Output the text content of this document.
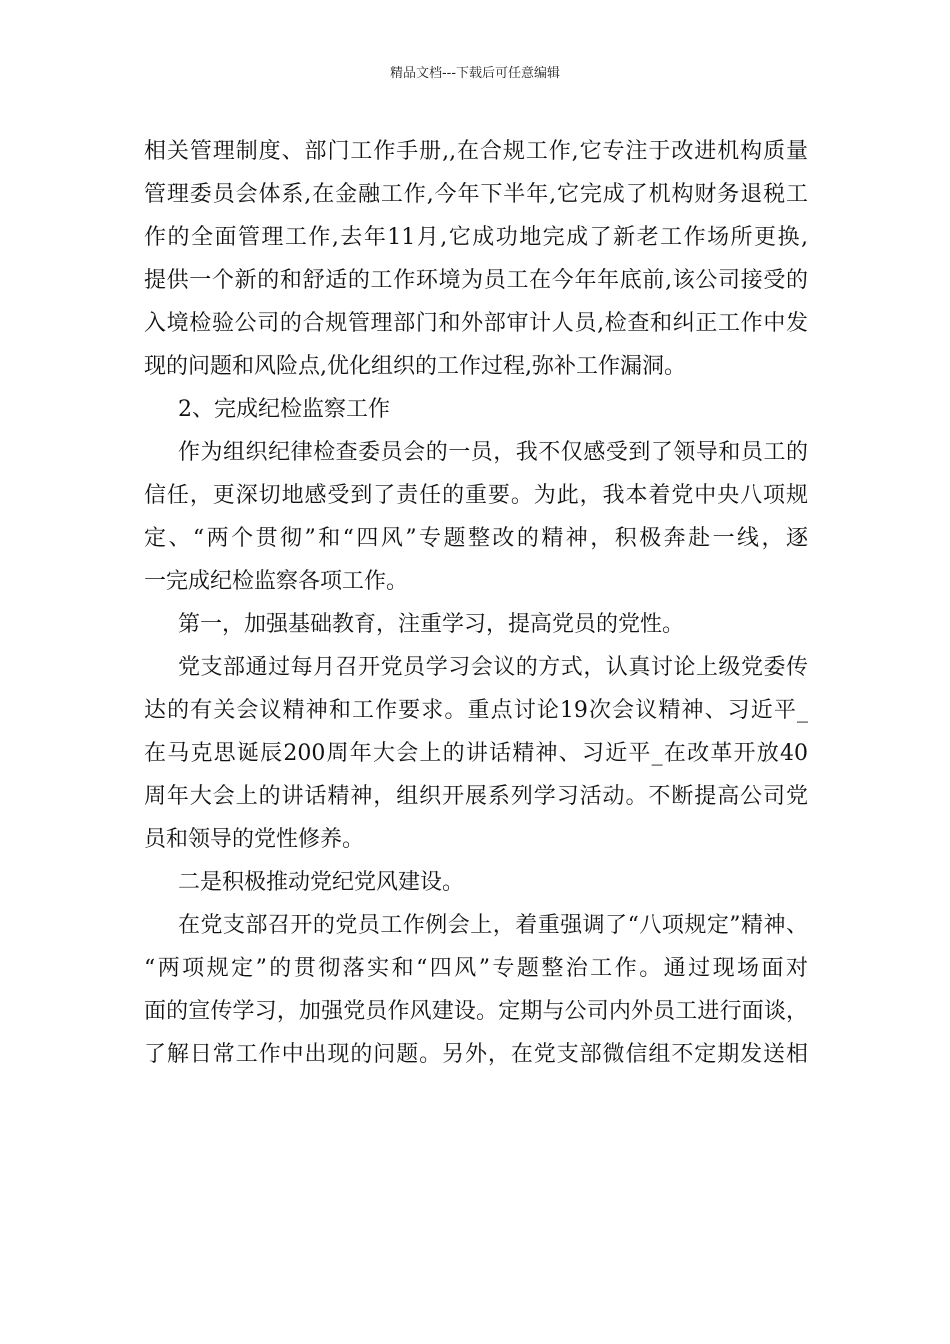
精品文档---下载后可任意编辑
相关管理制度、部门工作手册,,在合规工作,它专注于改进机构质量
管理委员会体系,在金融工作,今年下半年,它完成了机构财务退税工
作的全面管理工作,去年11月,它成功地完成了新老工作场所更换,
提供一个新的和舒适的工作环境为员工在今年年底前,该公司接受的
入境检验公司的合规管理部门和外部审计人员,检查和纠正工作中发
现的问题和风险点,优化组织的工作过程,弥补工作漏洞。
2、完成纪检监察工作
作为组织纪律检查委员会的一员，我不仅感受到了领导和员工的
信任，更深切地感受到了责任的重要。为此，我本着党中央八项规
定、“两个贯彻”和“四风”专题整改的精神，积极奔赴一线，逐
一完成纪检监察各项工作。
第一，加强基础教育，注重学习，提高党员的党性。
党支部通过每月召开党员学习会议的方式，认真讨论上级党委传
达的有关会议精神和工作要求。重点讨论19次会议精神、习近平_
在马克思诞辰200周年大会上的讲话精神、习近平_在改革开放40
周年大会上的讲话精神，组织开展系列学习活动。不断提高公司党
员和领导的党性修养。
二是积极推动党纪党风建设。
在党支部召开的党员工作例会上，着重强调了“八项规定”精神、
“两项规定”的贯彻落实和“四风”专题整治工作。通过现场面对
面的宣传学习，加强党员作风建设。定期与公司内外员工进行面谈，
了解日常工作中出现的问题。另外，在党支部微信组不定期发送相
